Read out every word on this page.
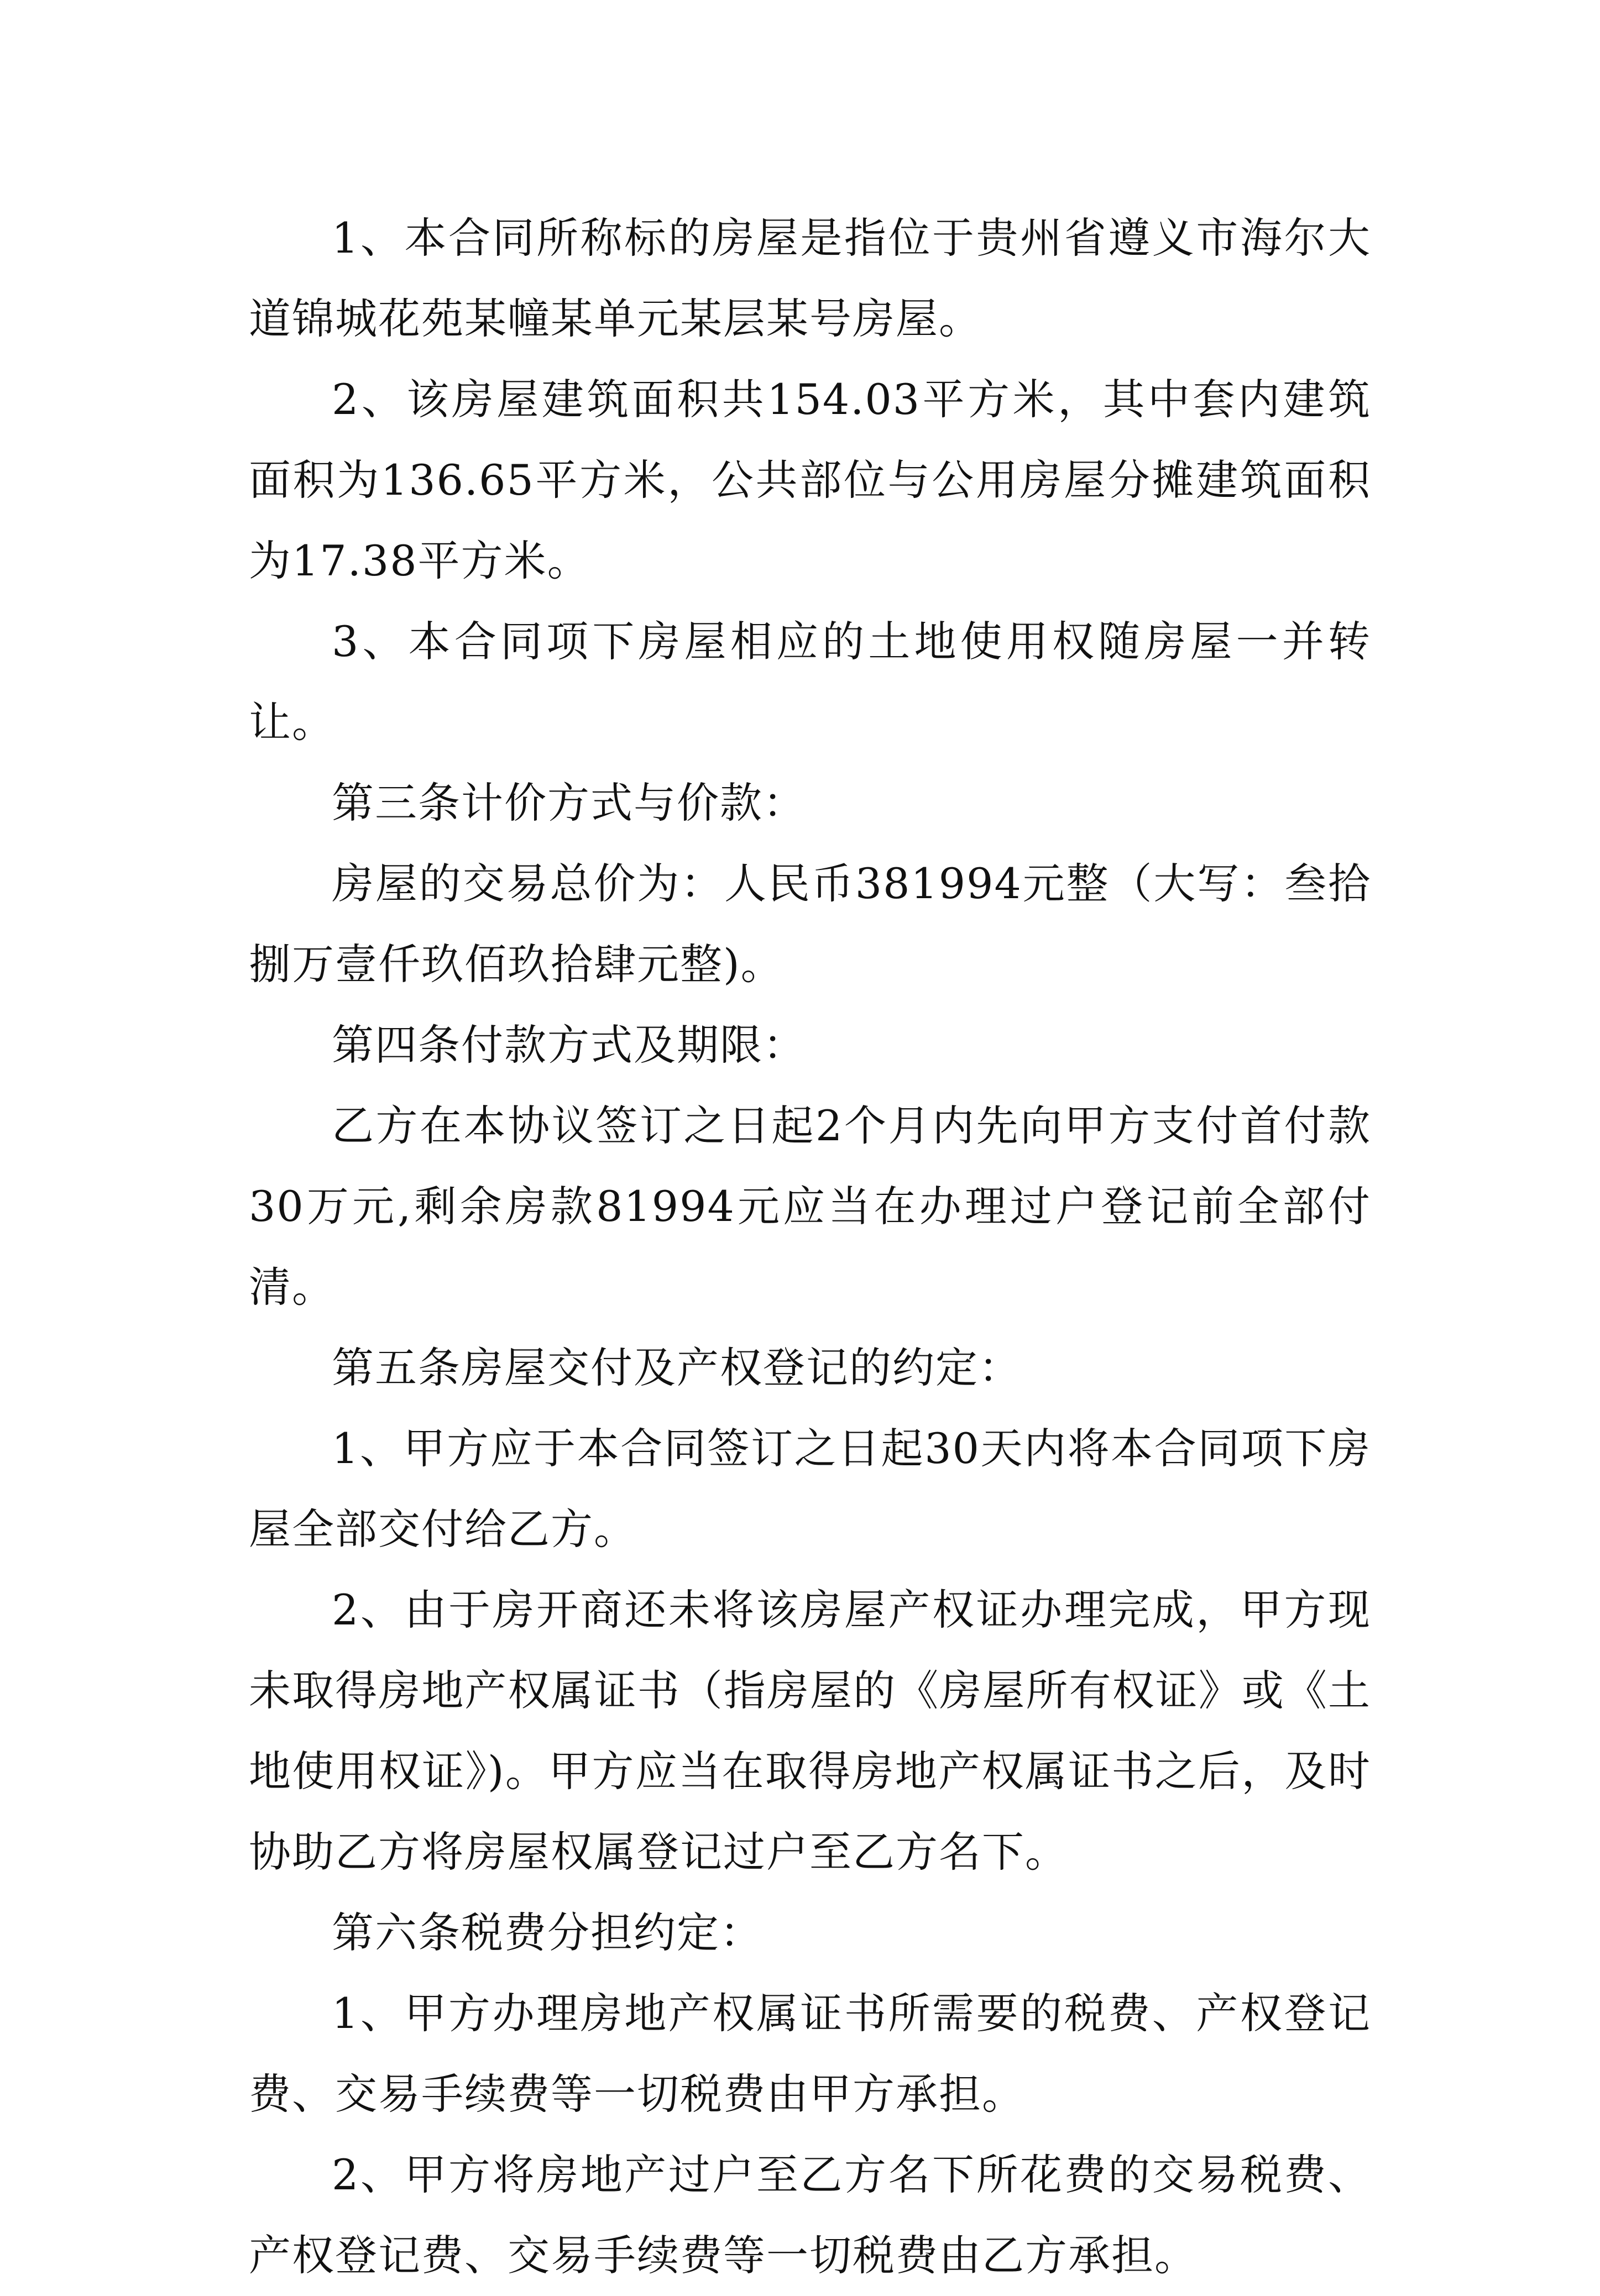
1、本合同所称标的房屋是指位于贵州省遵义市海尔大道锦城花苑某幢某单元某层某号房屋。

2、该房屋建筑面积共154.03平方米，其中套内建筑面积为136.65平方米，公共部位与公用房屋分摊建筑面积为17.38平方米。

3、本合同项下房屋相应的土地使用权随房屋一并转让。

第三条计价方式与价款：

房屋的交易总价为：人民币381994元整（大写：叁拾捌万壹仟玖佰玖拾肆元整)。

第四条付款方式及期限：

乙方在本协议签订之日起2个月内先向甲方支付首付款30万元,剩余房款81994元应当在办理过户登记前全部付清。

第五条房屋交付及产权登记的约定：

1、甲方应于本合同签订之日起30天内将本合同项下房屋全部交付给乙方。

2、由于房开商还未将该房屋产权证办理完成，甲方现未取得房地产权属证书（指房屋的《房屋所有权证》或《土地使用权证》)。甲方应当在取得房地产权属证书之后，及时协助乙方将房屋权属登记过户至乙方名下。

第六条税费分担约定：

1、甲方办理房地产权属证书所需要的税费、产权登记费、交易手续费等一切税费由甲方承担。

2、甲方将房地产过户至乙方名下所花费的交易税费、产权登记费、交易手续费等一切税费由乙方承担。
